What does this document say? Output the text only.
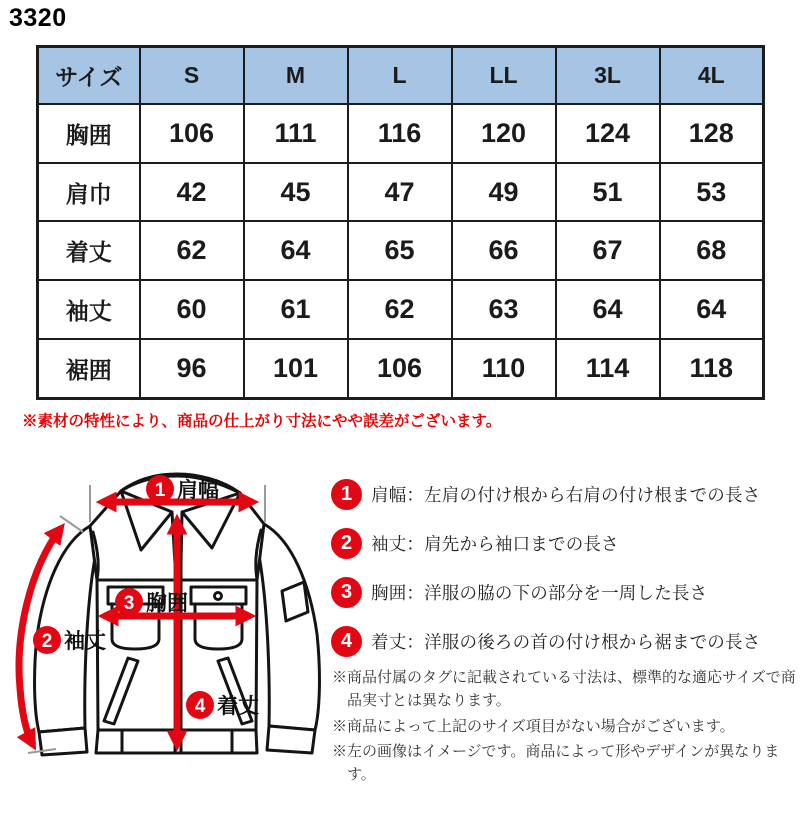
3320
サイズ	S	M	L	LL	3L	4L
胸囲	106	111	116	120	124	128
肩巾	42	45	47	49	51	53
着丈	62	64	65	66	67	68
袖丈	60	61	62	63	64	64
裾囲	96	101	106	110	114	118
※素材の特性により、商品の仕上がり寸法にやや誤差がございます。
1 肩幅
2 袖丈
3 胸囲
4 着丈
1	肩幅：左肩の付け根から右肩の付け根までの長さ
2	袖丈：肩先から袖口までの長さ
3	胸囲：洋服の脇の下の部分を一周した長さ
4	着丈：洋服の後ろの首の付け根から裾までの長さ

※商品付属のタグに記載されている寸法は、標準的な適応サイズで商品実寸とは異なります。

※商品によって上記のサイズ項目がない場合がございます。

※左の画像はイメージです。商品によって形やデザインが異なります。
